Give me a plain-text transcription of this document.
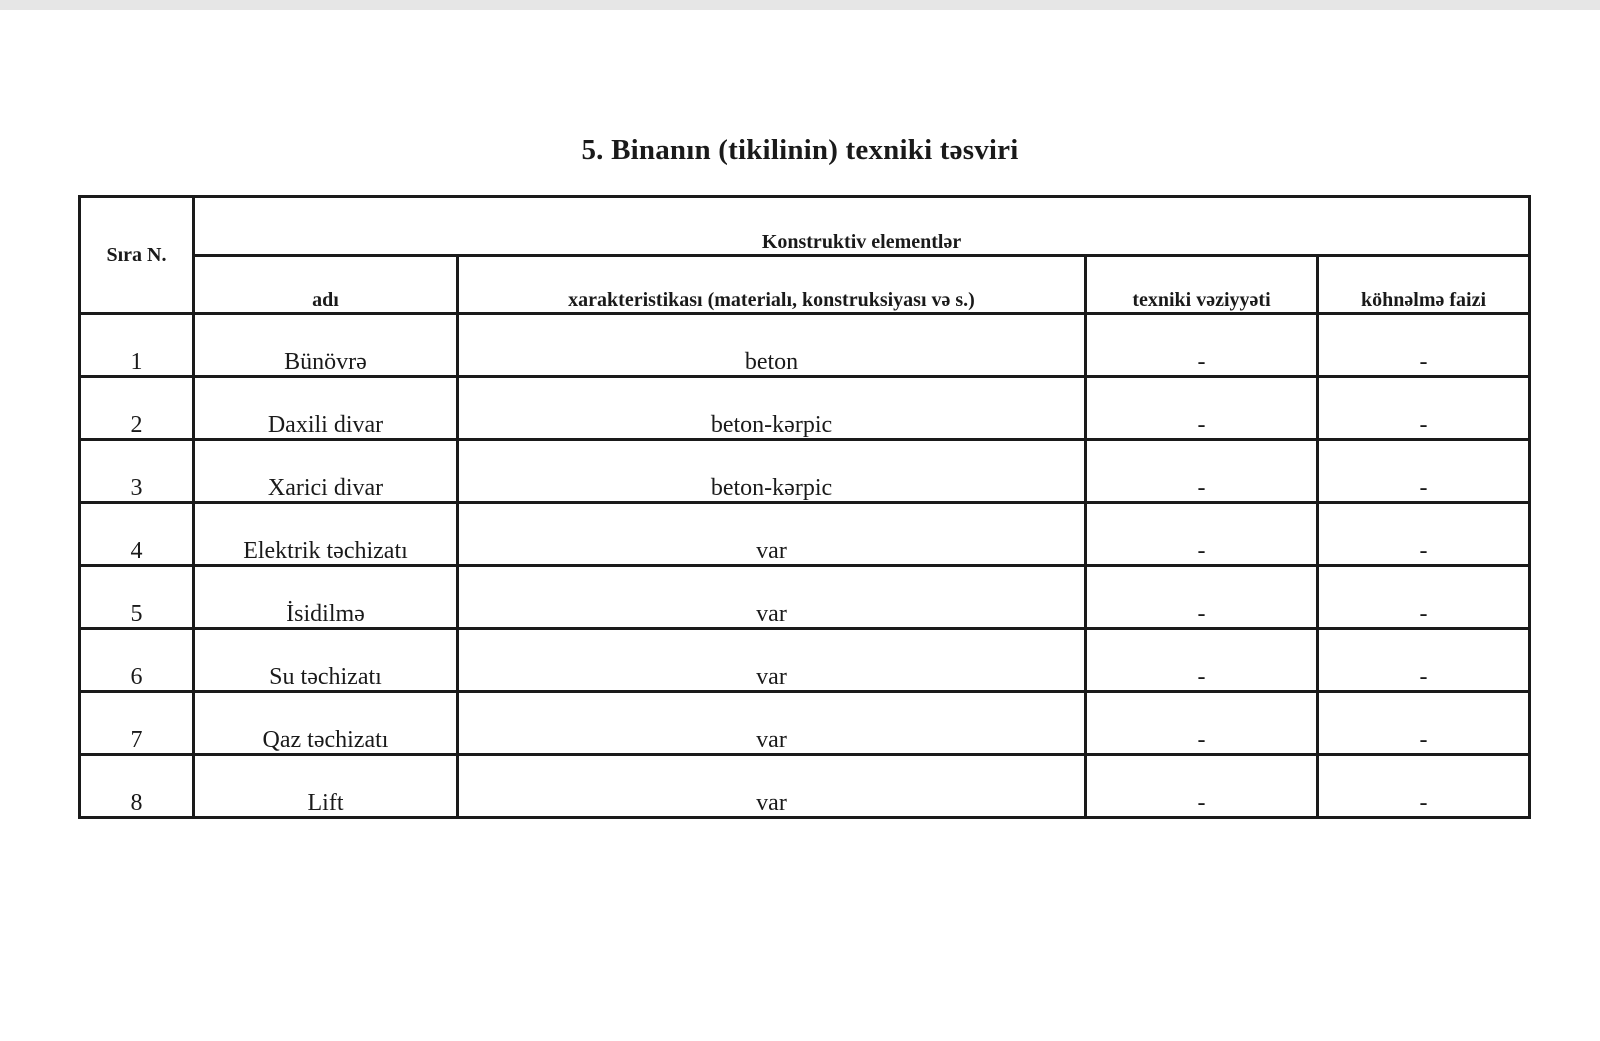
5. Binanın (tikilinin) texniki təsviri
Sıra N.	Konstruktiv elementlər			
	adı	xarakteristikası (materialı, konstruksiyası və s.)	texniki vəziyyəti	köhnəlmə faizi
1	Bünövrə	beton	-	-
2	Daxili divar	beton-kərpic	-	-
3	Xarici divar	beton-kərpic	-	-
4	Elektrik təchizatı	var	-	-
5	İsidilmə	var	-	-
6	Su təchizatı	var	-	-
7	Qaz təchizatı	var	-	-
8	Lift	var	-	-
